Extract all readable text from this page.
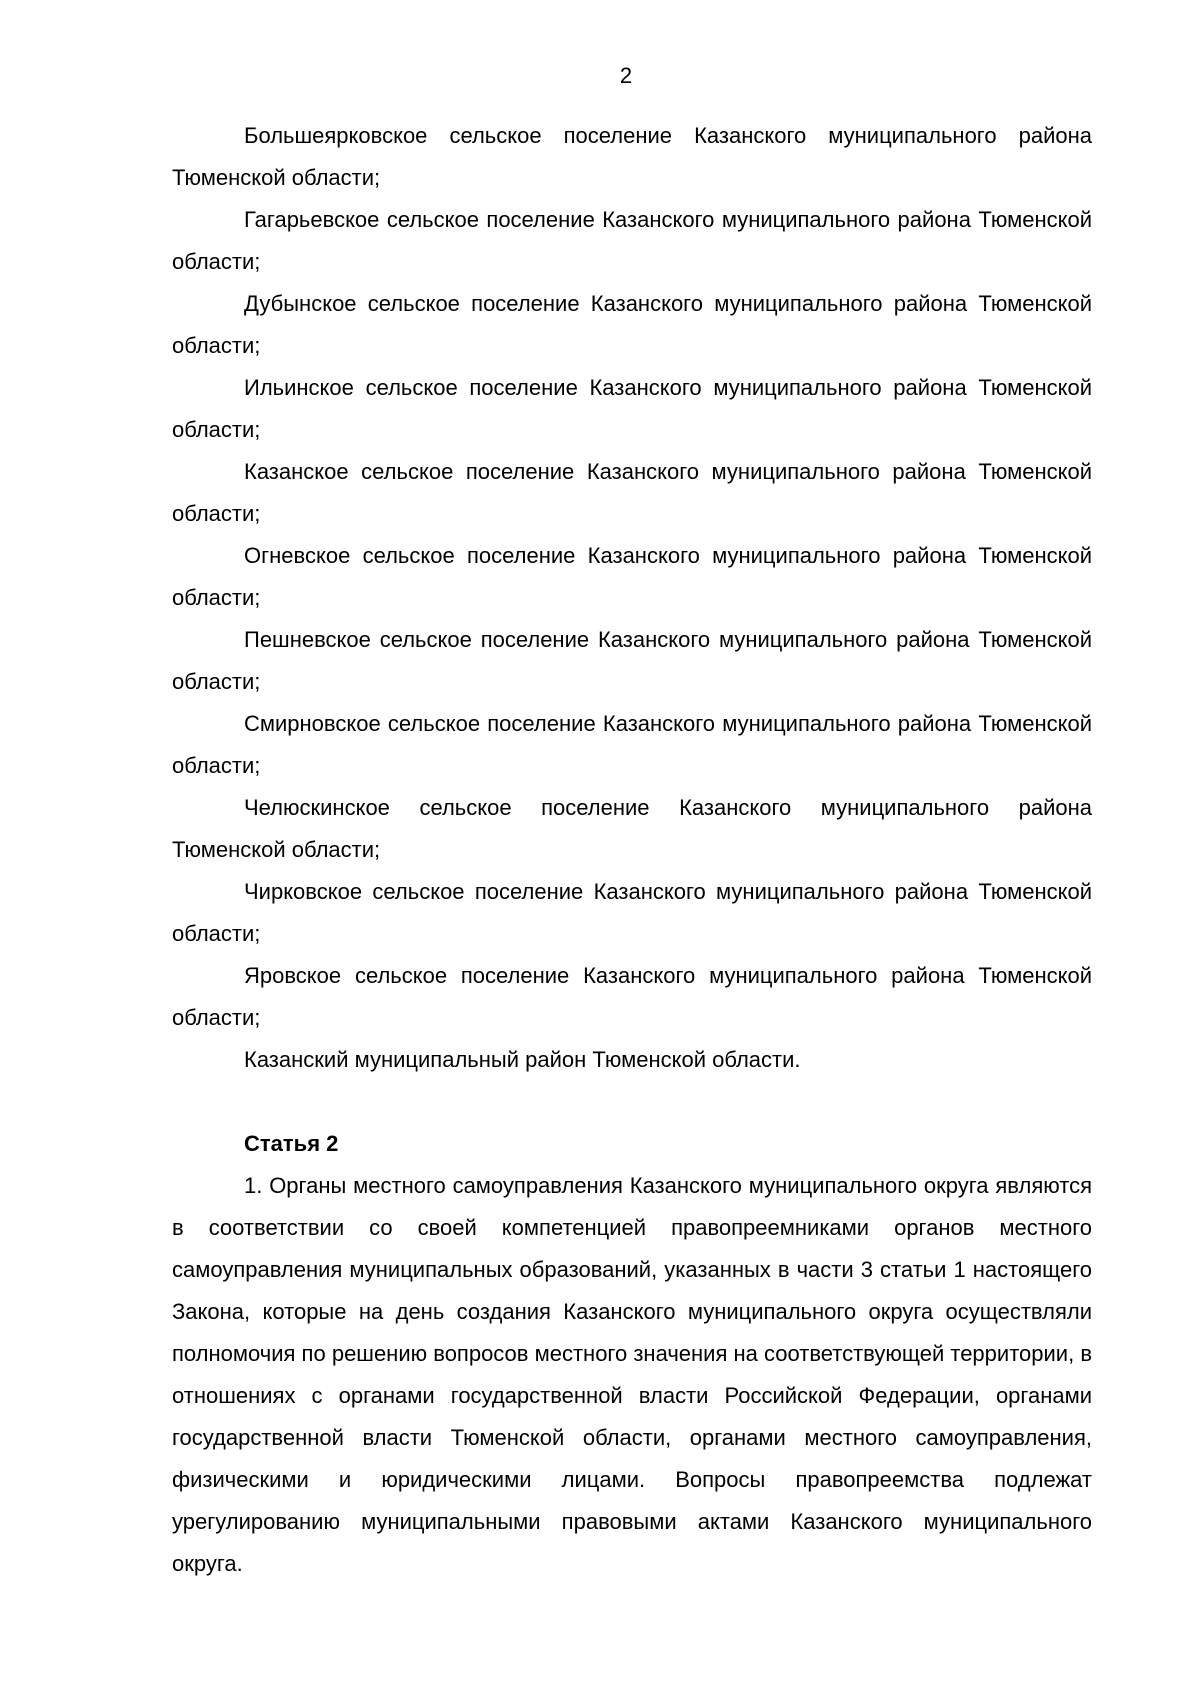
2

Большеярковское сельское поселение Казанского муниципального района Тюменской области;

Гагарьевское сельское поселение Казанского муниципального района Тюменской области;

Дубынское сельское поселение Казанского муниципального района Тюменской области;

Ильинское сельское поселение Казанского муниципального района Тюменской области;

Казанское сельское поселение Казанского муниципального района Тюменской области;

Огневское сельское поселение Казанского муниципального района Тюменской области;

Пешневское сельское поселение Казанского муниципального района Тюменской области;

Смирновское сельское поселение Казанского муниципального района Тюменской области;

Челюскинское сельское поселение Казанского муниципального района Тюменской области;

Чирковское сельское поселение Казанского муниципального района Тюменской области;

Яровское сельское поселение Казанского муниципального района Тюменской области;

Казанский муниципальный район Тюменской области.

Статья 2

1. Органы местного самоуправления Казанского муниципального округа являются в соответствии со своей компетенцией правопреемниками органов местного самоуправления муниципальных образований, указанных в части 3 статьи 1 настоящего Закона, которые на день создания Казанского муниципального округа осуществляли полномочия по решению вопросов местного значения на соответствующей территории, в отношениях с органами государственной власти Российской Федерации, органами государственной власти Тюменской области, органами местного самоуправления, физическими и юридическими лицами. Вопросы правопреемства подлежат урегулированию муниципальными правовыми актами Казанского муниципального округа.
